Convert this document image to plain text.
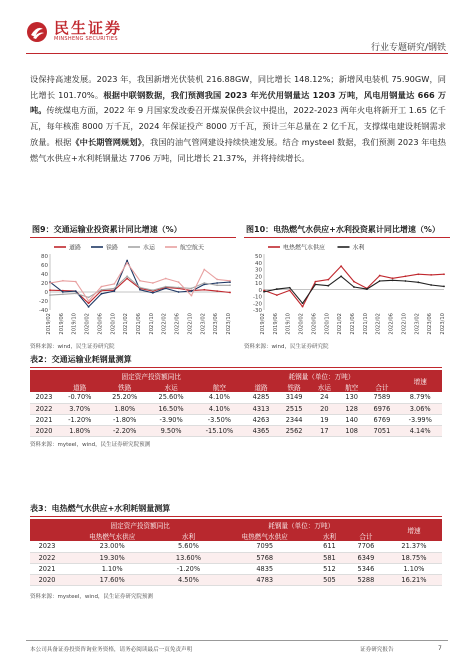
民生证券
MINSHENG SECURITIES
行业专题研究/钢铁
设保持高速发展。2023 年，我国新增光伏装机 216.88GW，同比增长 148.12%；新增风电装机 75.90GW，同比增长 101.70%。根据中联钢数据，我们预测我国 2023 年光伏用钢量达 1203 万吨，风电用钢量达 666 万吨。传统煤电方面，2022 年 9 月国家发改委召开煤炭保供会议中提出，2022-2023 两年火电将新开工 1.65 亿千瓦，每年核准 8000 万千瓦，2024 年保证投产 8000 万千瓦，预计三年总量在 2 亿千瓦，支撑煤电建设耗钢需求放量。根据《中长期管网规划》，我国的油气管网建设持续快速发展。结合 mysteel 数据，我们预测 2023 年电热燃气水供应+水利耗钢量达 7706 万吨，同比增长 21.37%，并将持续增长。
图9：交通运输业投资累计同比增速（%）
道路	铁路	水运	航空航天
-40
-20
0
20
40
60
80
2019/02 2019/06 2019/10 2020/02 2020/06 2020/10 2021/02 2021/06 2021/10 2022/02 2022/06 2022/10 2023/02 2023/06 2023/10
资料来源：wind，民生证券研究院
图10：电热燃气水供应+水利投资累计同比增速（%）
电热燃气水供应	水利
-30
-20
-10
0
10
20
30
40
50
2019/02 2019/06 2019/10 2020/02 2020/06 2020/10 2021/02 2021/06 2021/10 2022/02 2022/06 2022/10 2023/02 2023/06 2023/10
资料来源：wind，民生证券研究院
表2：交通运输业耗钢量测算
	固定资产投资额同比				耗钢量（单位：万吨）					增速
	道路	铁路	水运	航空	道路	铁路	水运	航空	合计	
2023	-0.70%	25.20%	25.60%	4.10%	4285	3149	24	130	7589	8.79%
2022	3.70%	1.80%	16.50%	4.10%	4313	2515	20	128	6976	3.06%
2021	-1.20%	-1.80%	-3.90%	-3.50%	4263	2344	19	140	6769	-3.99%
2020	1.80%	-2.20%	9.50%	-15.10%	4365	2562	17	108	7051	4.14%
资料来源：myteel，wind，民生证券研究院预测
表3：电热燃气水供应+水利耗钢量测算
	固定资产投资额同比		耗钢量（单位：万吨）			增速
	电热燃气水供应	水利	电热燃气水供应	水利	合计	
2023	23.00%	5.60%	7095	611	7706	21.37%
2022	19.30%	13.60%	5768	581	6349	18.75%
2021	1.10%	-1.20%	4835	512	5346	1.10%
2020	17.60%	4.50%	4783	505	5288	16.21%
资料来源：mysteel，wind，民生证券研究院预测
本公司具备证券投资咨询业务资格，请务必阅读最后一页免责声明	证券研究报告	7
